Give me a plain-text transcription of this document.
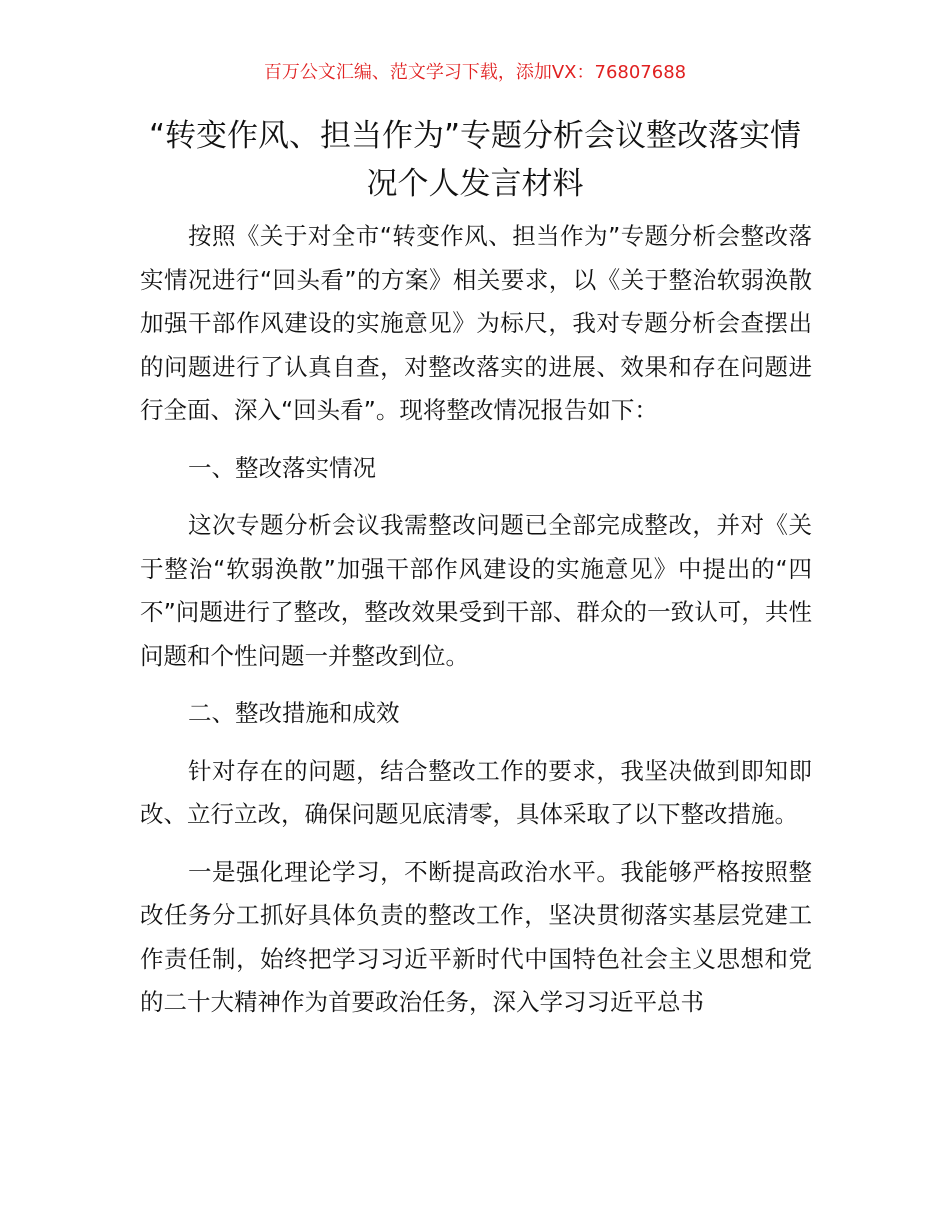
百万公文汇编、范文学习下载，添加VX：76807688
“转变作风、担当作为”专题分析会议整改落实情况个人发言材料

按照《关于对全市“转变作风、担当作为”专题分析会整改落实情况进行“回头看”的方案》相关要求，以《关于整治软弱涣散加强干部作风建设的实施意见》为标尺，我对专题分析会查摆出的问题进行了认真自查，对整改落实的进展、效果和存在问题进行全面、深入“回头看”。现将整改情况报告如下：

一、整改落实情况

这次专题分析会议我需整改问题已全部完成整改，并对《关于整治“软弱涣散”加强干部作风建设的实施意见》中提出的“四不”问题进行了整改，整改效果受到干部、群众的一致认可，共性问题和个性问题一并整改到位。

二、整改措施和成效

针对存在的问题，结合整改工作的要求，我坚决做到即知即改、立行立改，确保问题见底清零，具体采取了以下整改措施。

一是强化理论学习，不断提高政治水平。我能够严格按照整改任务分工抓好具体负责的整改工作，坚决贯彻落实基层党建工作责任制，始终把学习习近平新时代中国特色社会主义思想和党的二十大精神作为首要政治任务，深入学习习近平总书
